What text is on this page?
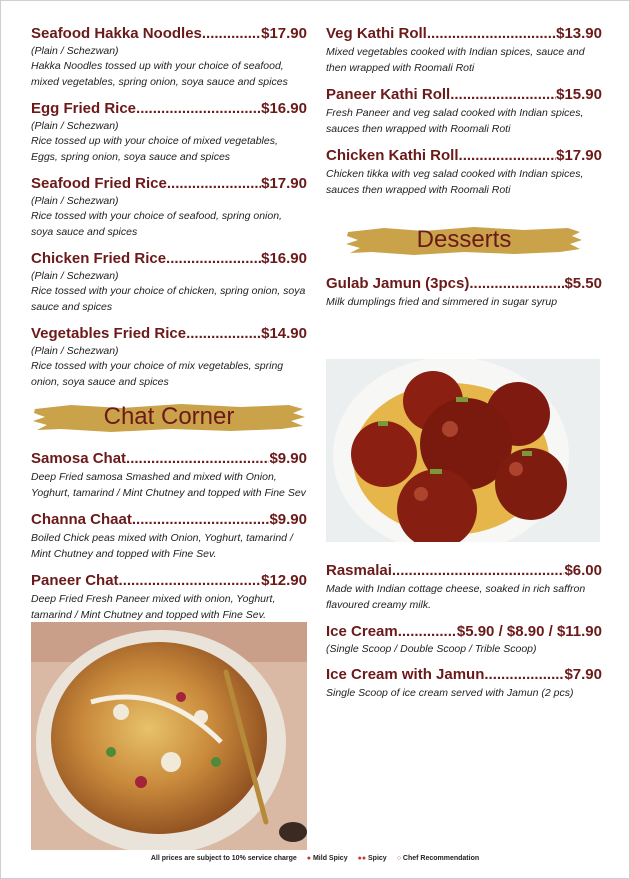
Seafood Hakka Noodles .....	$17.90
(Plain / Schezwan)
Hakka Noodles tossed up with your choice of seafood, mixed vegetables, spring onion, soya sauce and spices
Egg Fried Rice .....	$16.90
(Plain / Schezwan)
Rice tossed up with your choice of mixed vegetables, Eggs, spring onion, soya sauce and spices
Seafood Fried Rice .....	$17.90
(Plain / Schezwan)
Rice tossed with your choice of seafood, spring onion, soya sauce and spices
Chicken Fried Rice .....	$16.90
(Plain / Schezwan)
Rice tossed with your choice of chicken, spring onion, soya sauce and spices
Vegetables Fried Rice .....	$14.90
(Plain / Schezwan)
Rice tossed with your choice of mix vegetables, spring onion, soya sauce and spices
Chat Corner
Samosa Chat .....	$9.90
Deep Fried samosa Smashed and mixed with Onion, Yoghurt, tamarind / Mint Chutney and topped with Fine Sev
Channa Chaat .....	$9.90
Boiled Chick peas mixed with Onion, Yoghurt, tamarind / Mint Chutney and topped with Fine Sev.
Paneer Chat .....	$12.90
Deep Fried Fresh Paneer mixed with onion, Yoghurt, tamarind / Mint Chutney and topped with Fine Sev.
Veg Kathi Roll .....	$13.90
Mixed vegetables cooked with Indian spices, sauce and then wrapped with Roomali Roti
Paneer Kathi Roll .....	$15.90
Fresh Paneer and veg salad cooked with Indian spices, sauces then wrapped with Roomali Roti
Chicken Kathi Roll .....	$17.90
Chicken tikka with veg salad cooked with Indian spices, sauces then wrapped with Roomali Roti
Desserts
Gulab Jamun (3pcs) .....	$5.50
Milk dumplings fried and simmered in sugar syrup
Rasmalai .....	$6.00
Made with Indian cottage cheese, soaked in rich saffron flavoured creamy milk.
Ice Cream .....	$5.90 / $8.90 / $11.90
(Single Scoop / Double Scoop / Trible Scoop)
Ice Cream with Jamun .....	$7.90
Single Scoop of ice cream served with Jamun (2 pcs)
All prices are subject to 10% service charge ● Mild Spicy ●● Spicy ○ Chef Recommendation
